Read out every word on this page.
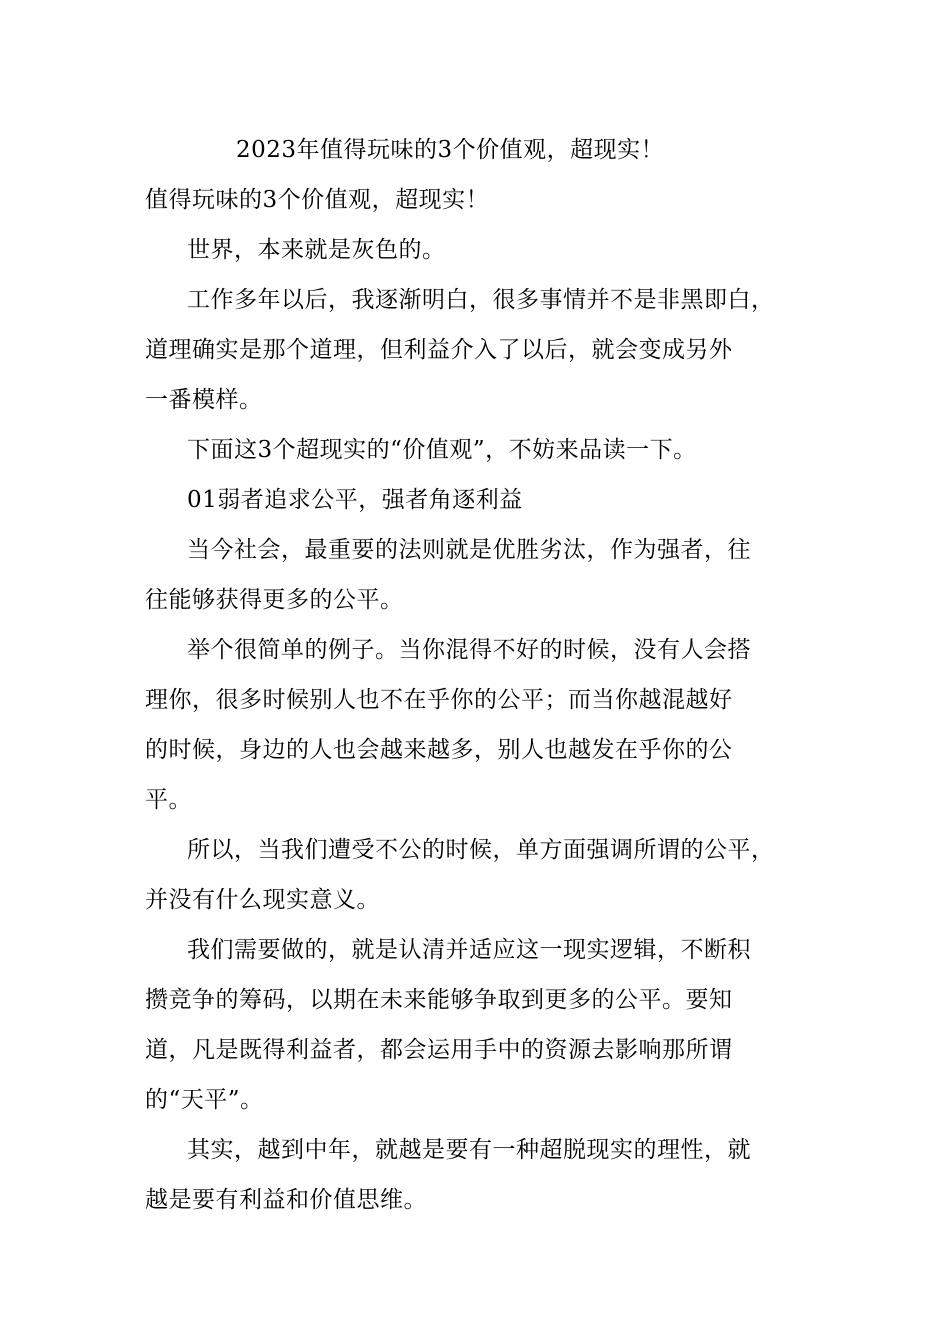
2023年值得玩味的3个价值观，超现实！
值得玩味的3个价值观，超现实！
世界，本来就是灰色的。
工作多年以后，我逐渐明白，很多事情并不是非黑即白，
道理确实是那个道理，但利益介入了以后，就会变成另外
一番模样。
下面这3个超现实的“价值观”，不妨来品读一下。
01弱者追求公平，强者角逐利益
当今社会，最重要的法则就是优胜劣汰，作为强者，往
往能够获得更多的公平。
举个很简单的例子。当你混得不好的时候，没有人会搭
理你，很多时候别人也不在乎你的公平；而当你越混越好
的时候，身边的人也会越来越多，别人也越发在乎你的公
平。
所以，当我们遭受不公的时候，单方面强调所谓的公平，
并没有什么现实意义。
我们需要做的，就是认清并适应这一现实逻辑，不断积
攒竞争的筹码，以期在未来能够争取到更多的公平。要知
道，凡是既得利益者，都会运用手中的资源去影响那所谓
的“天平”。
其实，越到中年，就越是要有一种超脱现实的理性，就
越是要有利益和价值思维。
